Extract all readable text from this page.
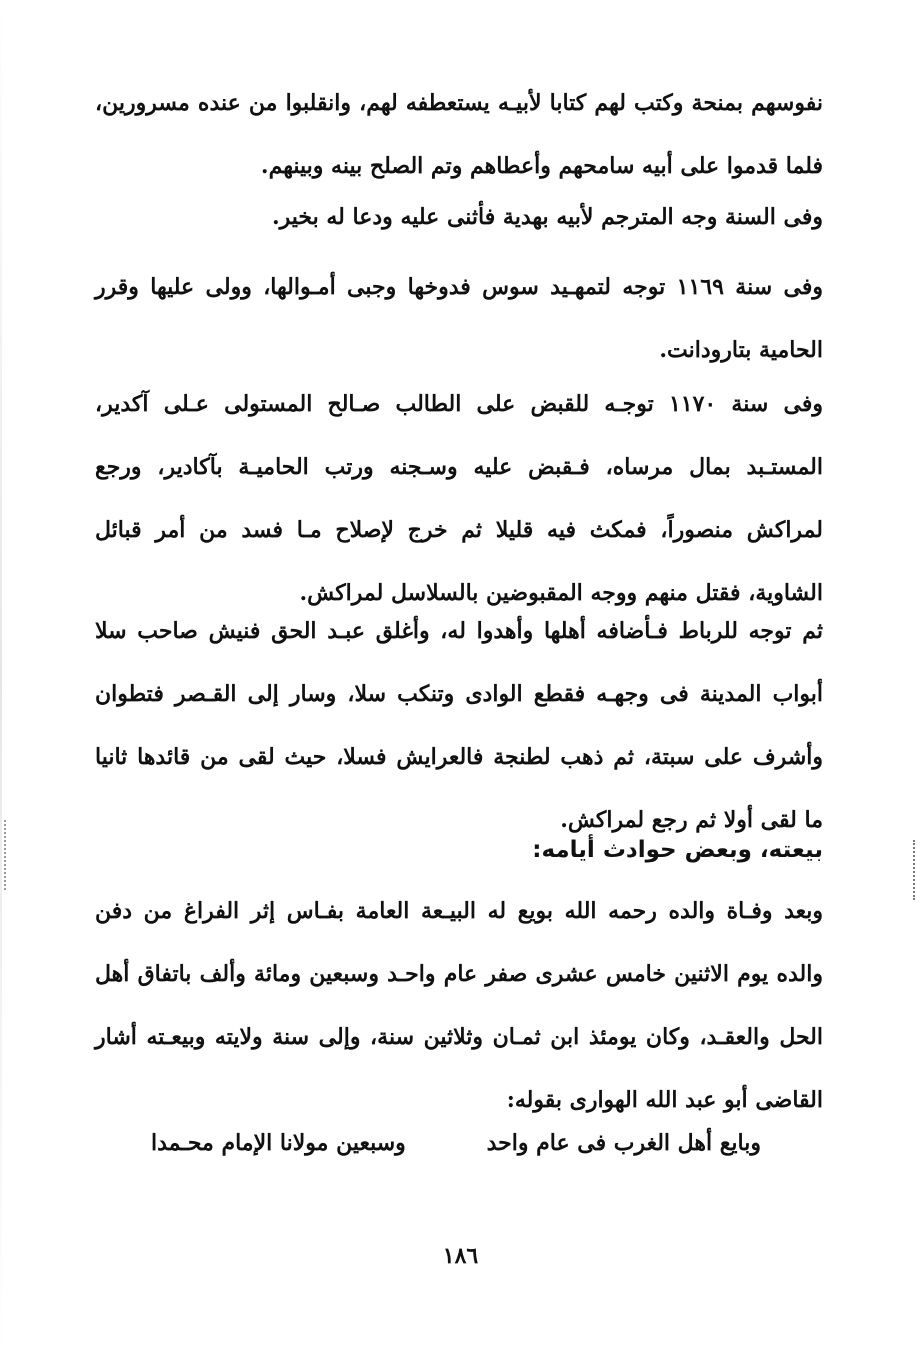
نفوسهم بمنحة وكتب لهم كتابا لأبيـه يستعطفه لهم، وانقلبوا من عنده مسرورين، فلما قدموا على أبيه سامحهم وأعطاهم وتم الصلح بينه وبينهم.

وفى السنة وجه المترجم لأبيه بهدية فأثنى عليه ودعا له بخير.

وفى سنة ١١٦٩ توجه لتمهـيد سوس فدوخها وجبى أمـوالها، وولى عليها وقرر الحامية بتارودانت.

وفى سنة ١١٧٠ توجـه للقبض على الطالب صـالح المستولى عـلى آكدير، المستـبد بمال مرساه، فـقبض عليه وسـجنه ورتب الحاميـة بآكادير، ورجع لمراكش منصوراً، فمكث فيه قليلا ثم خرج لإصلاح مـا فسد من أمر قبائل الشاوية، فقتل منهم ووجه المقبوضين بالسلاسل لمراكش.

ثم توجه للرباط فـأضافه أهلها وأهدوا له، وأغلق عبـد الحق فنيش صاحب سلا أبواب المدينة فى وجهـه فقطع الوادى وتنكب سلا، وسار إلى القـصر فتطوان وأشرف على سبتة، ثم ذهب لطنجة فالعرايش فسلا، حيث لقى من قائدها ثانيا ما لقى أولا ثم رجع لمراكش.

بيعته، وبعض حوادث أيامه:

وبعد وفـاة والده رحمه الله بويع له البيـعة العامة بفـاس إثر الفراغ من دفن والده يوم الاثنين خامس عشرى صفر عام واحـد وسبعين ومائة وألف باتفاق أهل الحل والعقـد، وكان يومئذ ابن ثمـان وثلاثين سنة، وإلى سنة ولايته وبيعـته أشار القاضى أبو عبد الله الهوارى بقوله:

وبايع أهل الغرب فى عام واحد
وسبعين مولانا الإمام محـمدا
١٨٦
